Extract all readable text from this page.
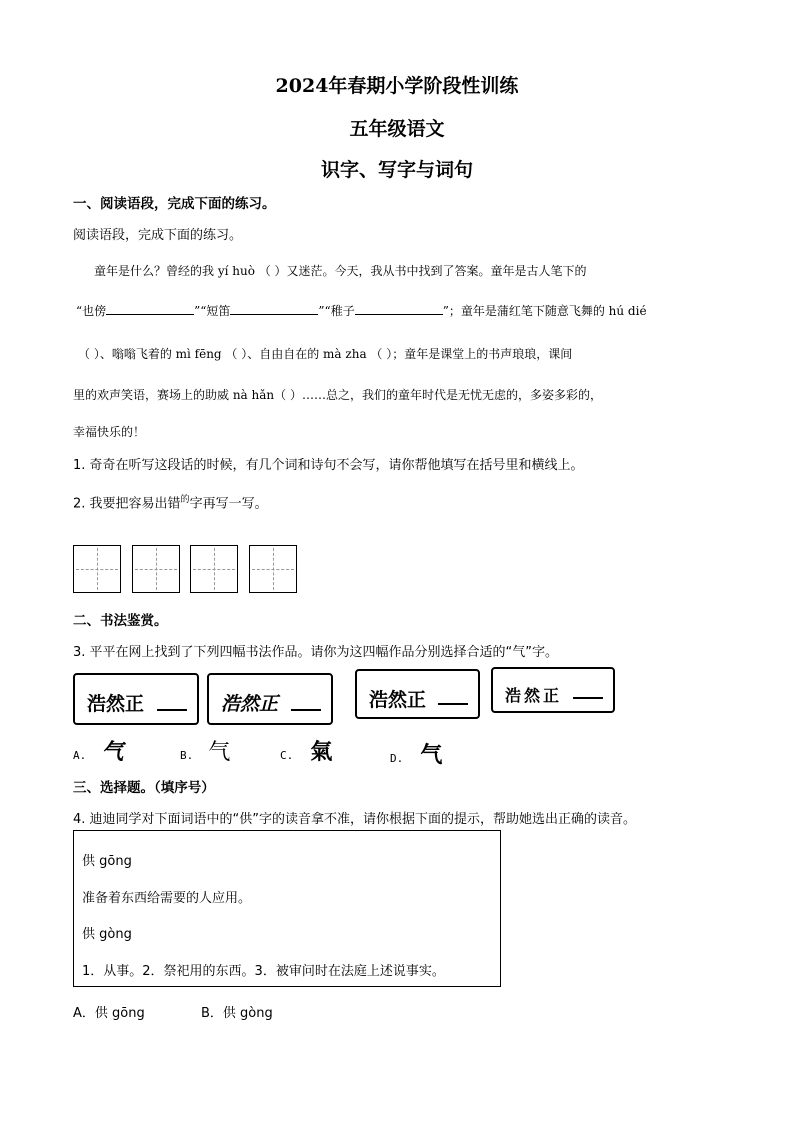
2024年春期小学阶段性训练
五年级语文
识字、写字与词句
一、阅读语段，完成下面的练习。
阅读语段，完成下面的练习。
童年是什么？曾经的我 yí huò （ ）又迷茫。今天，我从书中找到了答案。童年是古人笔下的
“也傍	”“短笛	”“稚子	”；童年是蒲红笔下随意飞舞的 hú dié
（ ）、嗡嗡飞着的 mì fēng （ ）、自由自在的 mà zha （ ）；童年是课堂上的书声琅琅，课间
里的欢声笑语，赛场上的助威 nà hǎn（ ）……总之，我们的童年时代是无忧无虑的，多姿多彩的，
幸福快乐的！
1. 奇奇在听写这段话的时候，有几个词和诗句不会写，请你帮他填写在括号里和横线上。
2. 我要把容易出错$^的$字再写一写。
二、书法鉴赏。
3. 平平在网上找到了下列四幅书法作品。请你为这四幅作品分别选择合适的“气”字。
浩然正	浩然正	浩然正	浩然正
A. 气	B. 气	C. 氣	D. 气
三、选择题。（填序号）
4. 迪迪同学对下面词语中的“供”字的读音拿不准，请你根据下面的提示，帮助她选出正确的读音。
供 gōng
准备着东西给需要的人应用。
供 gòng
1．从事。2．祭祀用的东西。3．被审问时在法庭上述说事实。
A．供 gōng	B．供 gòng
